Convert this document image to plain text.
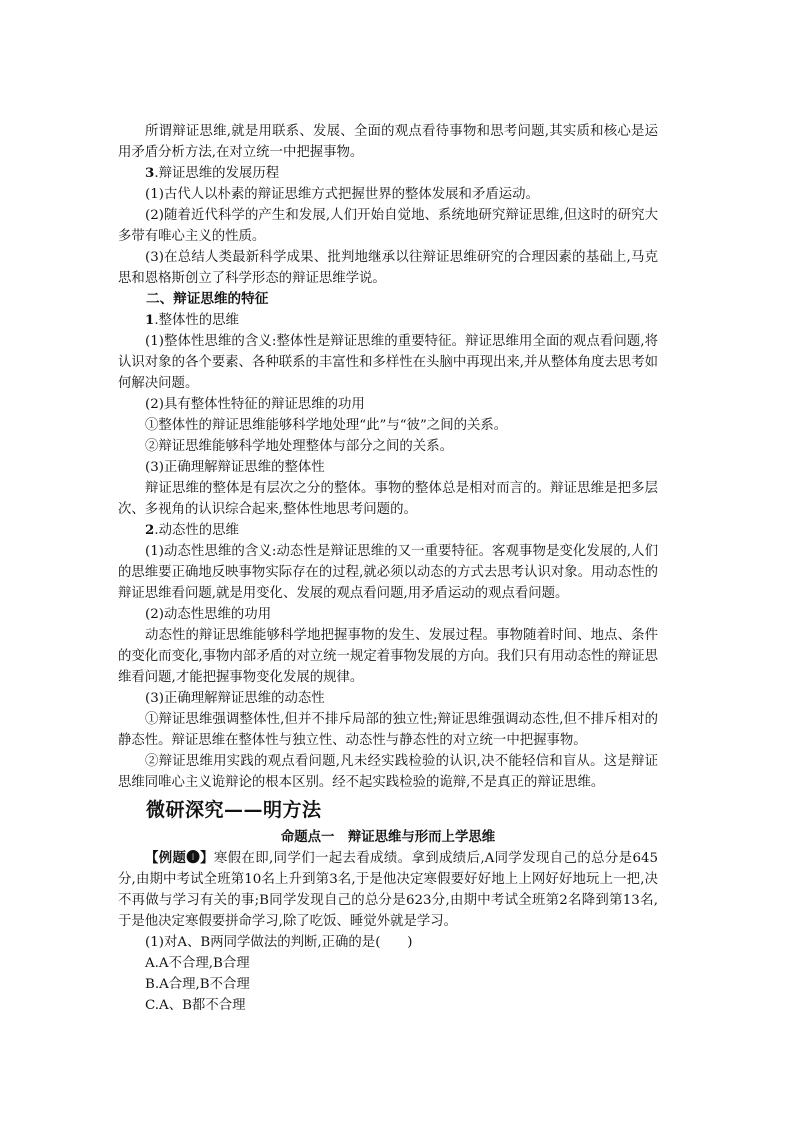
所谓辩证思维,就是用联系、发展、全面的观点看待事物和思考问题,其实质和核心是运用矛盾分析方法,在对立统一中把握事物。

3.辩证思维的发展历程

(1)古代人以朴素的辩证思维方式把握世界的整体发展和矛盾运动。

(2)随着近代科学的产生和发展,人们开始自觉地、系统地研究辩证思维,但这时的研究大多带有唯心主义的性质。

(3)在总结人类最新科学成果、批判地继承以往辩证思维研究的合理因素的基础上,马克思和恩格斯创立了科学形态的辩证思维学说。

二、辩证思维的特征

1.整体性的思维

(1)整体性思维的含义:整体性是辩证思维的重要特征。辩证思维用全面的观点看问题,将认识对象的各个要素、各种联系的丰富性和多样性在头脑中再现出来,并从整体角度去思考如何解决问题。

(2)具有整体性特征的辩证思维的功用

①整体性的辩证思维能够科学地处理“此”与“彼”之间的关系。

②辩证思维能够科学地处理整体与部分之间的关系。

(3)正确理解辩证思维的整体性

辩证思维的整体是有层次之分的整体。事物的整体总是相对而言的。辩证思维是把多层次、多视角的认识综合起来,整体性地思考问题的。

2.动态性的思维

(1)动态性思维的含义:动态性是辩证思维的又一重要特征。客观事物是变化发展的,人们的思维要正确地反映事物实际存在的过程,就必须以动态的方式去思考认识对象。用动态性的辩证思维看问题,就是用变化、发展的观点看问题,用矛盾运动的观点看问题。

(2)动态性思维的功用

动态性的辩证思维能够科学地把握事物的发生、发展过程。事物随着时间、地点、条件的变化而变化,事物内部矛盾的对立统一规定着事物发展的方向。我们只有用动态性的辩证思维看问题,才能把握事物变化发展的规律。

(3)正确理解辩证思维的动态性

①辩证思维强调整体性,但并不排斥局部的独立性;辩证思维强调动态性,但不排斥相对的静态性。辩证思维在整体性与独立性、动态性与静态性的对立统一中把握事物。

②辩证思维用实践的观点看问题,凡未经实践检验的认识,决不能轻信和盲从。这是辩证思维同唯心主义诡辩论的根本区别。经不起实践检验的诡辩,不是真正的辩证思维。

微研深究——明方法

命题点一　辩证思维与形而上学思维

【例题❶】寒假在即,同学们一起去看成绩。拿到成绩后,A同学发现自己的总分是645分,由期中考试全班第10名上升到第3名,于是他决定寒假要好好地上上网好好地玩上一把,决不再做与学习有关的事;B同学发现自己的总分是623分,由期中考试全班第2名降到第13名,于是他决定寒假要拼命学习,除了吃饭、睡觉外就是学习。

(1)对A、B两同学做法的判断,正确的是(　　)

A.A不合理,B合理

B.A合理,B不合理

C.A、B都不合理
